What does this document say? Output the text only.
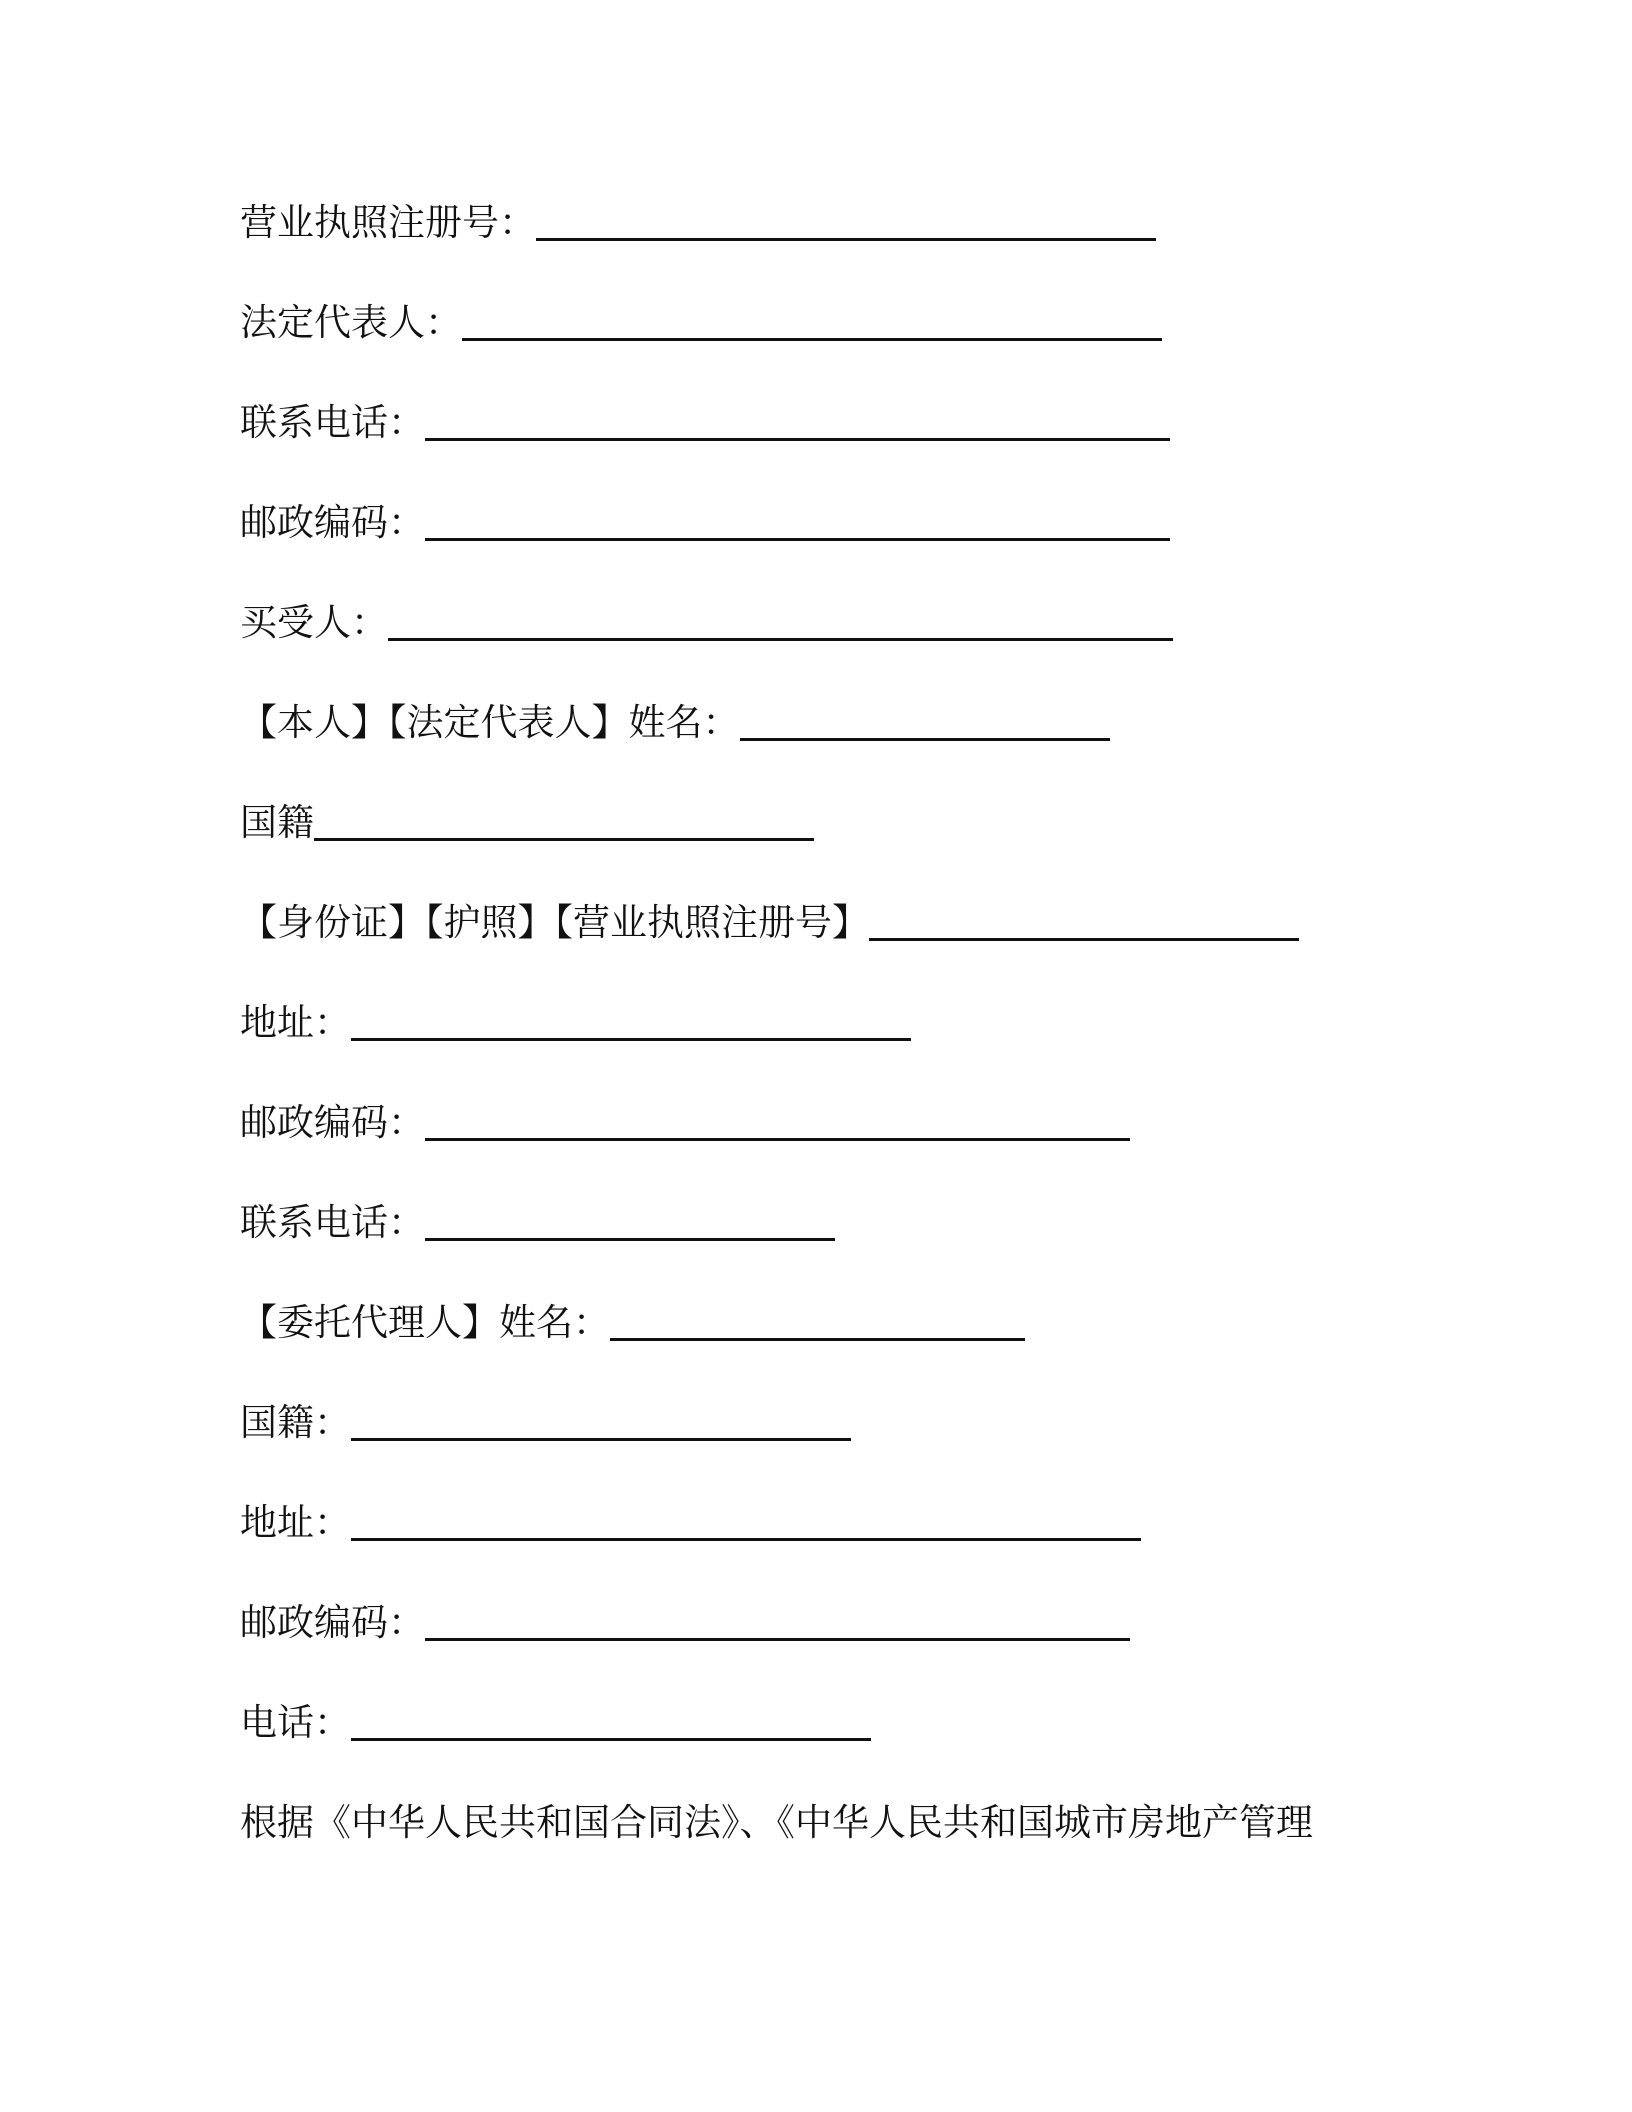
营业执照注册号：
法定代表人：
联系电话：
邮政编码：
买受人：
【本人】【法定代表人】姓名：
国籍
【身份证】【护照】【营业执照注册号】
地址：
邮政编码：
联系电话：
【委托代理人】姓名：
国籍：
地址：
邮政编码：
电话：
根据《中华人民共和国合同法》、《中华人民共和国城市房地产管理
